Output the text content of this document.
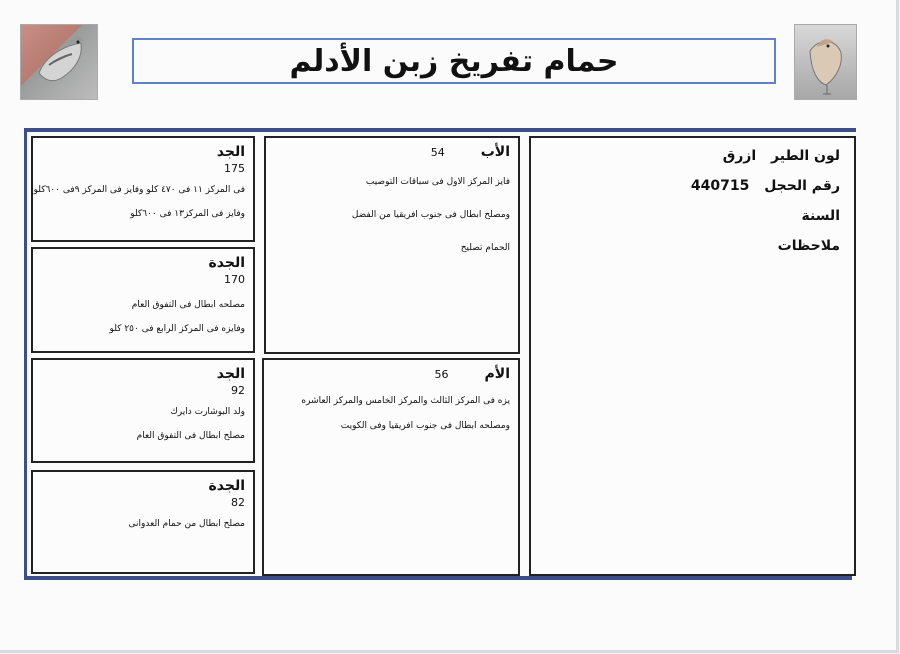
حمام تفريخ زبن الأدلم
الجد
175
فى المركز ١١ فى ٤٧٠ كلو وفايز فى المركز ٩فى ٦٠٠كلو
وفايز فى المركز١٣ فى ٦٠٠كلو
الجدة
170
مصلحه ابطال فى التفوق العام
وفايزه فى المركز الرابع فى ٢٥٠ كلو
الجد
92
ولد البوشارت دايرك
مصلح ابطال فى التفوق العام
الجدة
82
مصلح ابطال من حمام العدوانى
الأب
54
فايز المركز الاول فى سباقات التوصيب
ومصلح ابطال فى جنوب افريقيا من الفضل
الحمام تصليح
الأم
56
يزه فى المركز الثالث والمركز الخامس والمركز العاشره
ومصلحه ابطال فى جنوب افريقيا وفى الكويت
لون الطير ازرق
رقم الحجل 440715
السنة
ملاحظات
